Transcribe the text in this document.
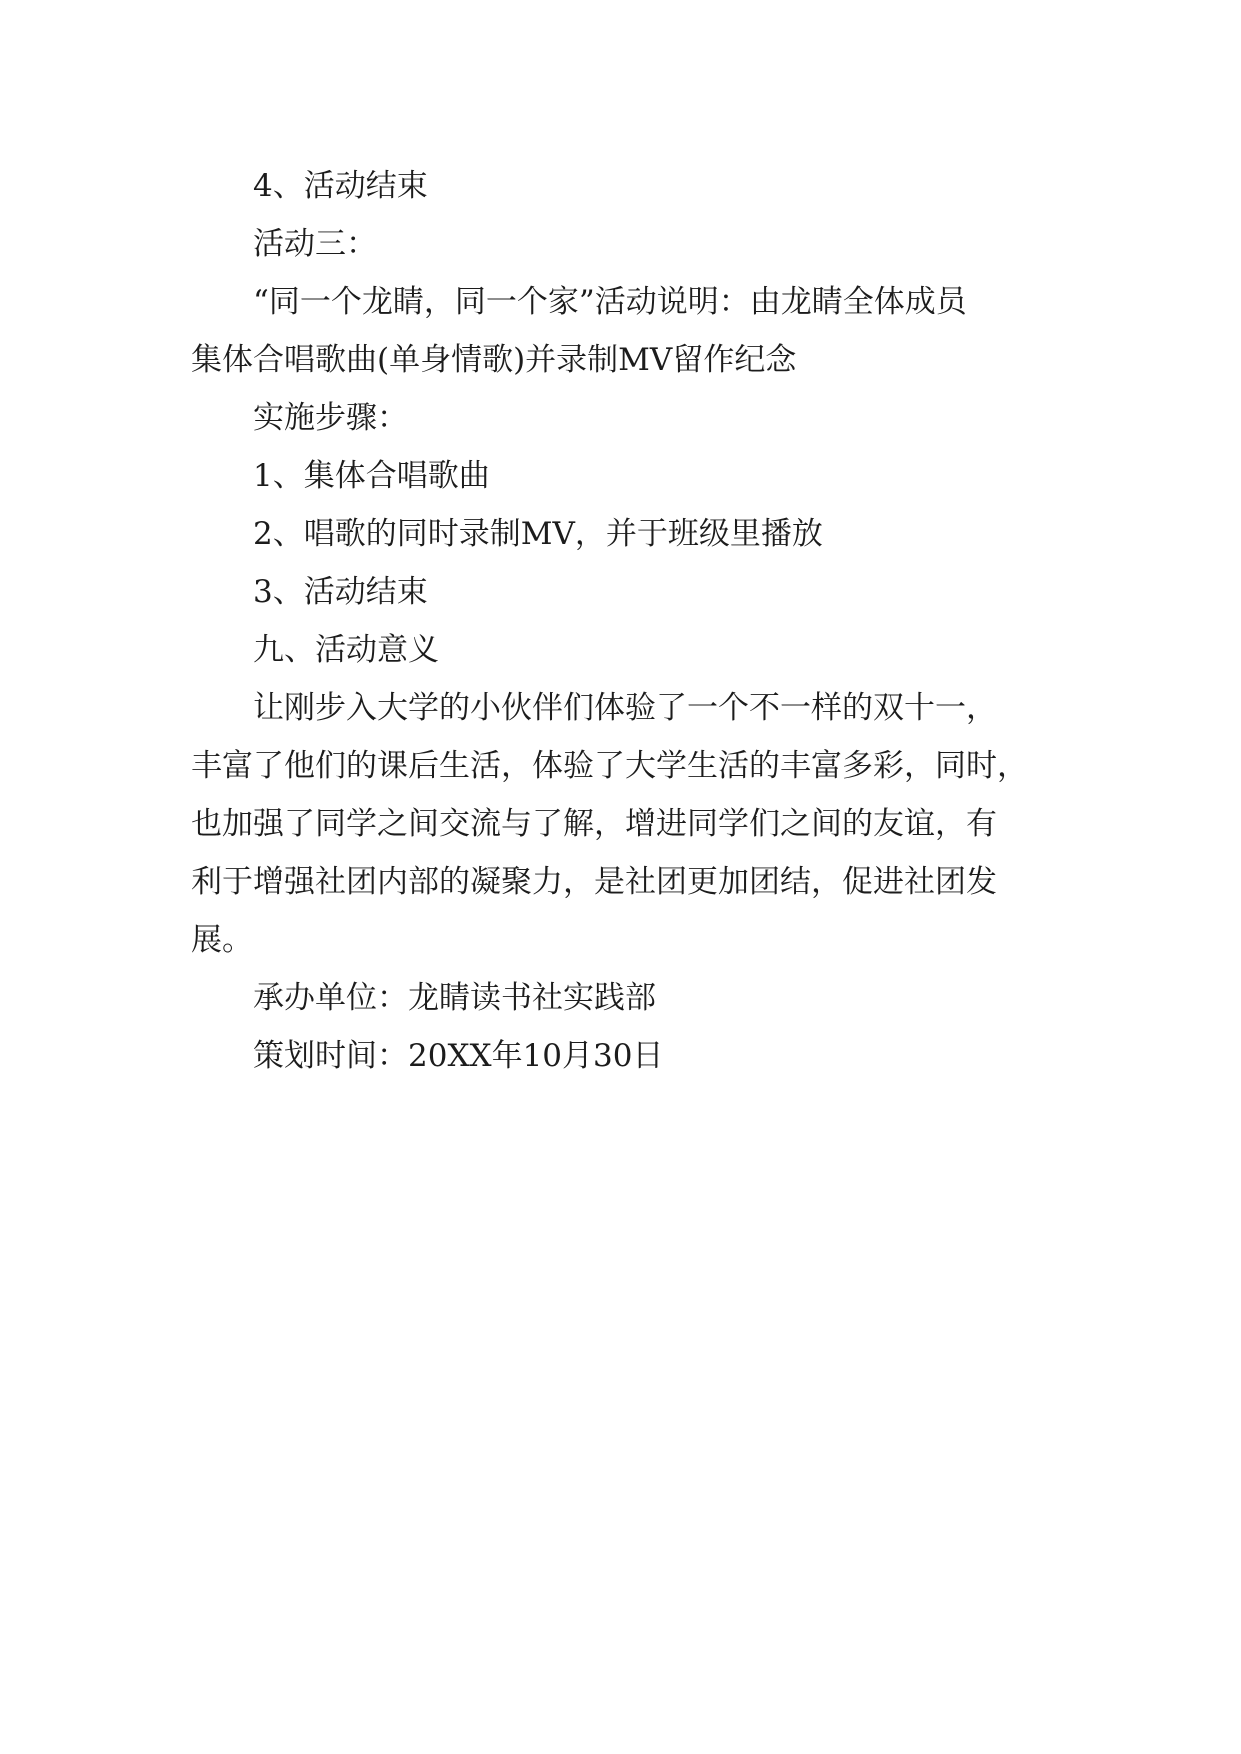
4、活动结束
活动三：
“同一个龙睛，同一个家”活动说明：由龙睛全体成员
集体合唱歌曲(单身情歌)并录制MV留作纪念
实施步骤：
1、集体合唱歌曲
2、唱歌的同时录制MV，并于班级里播放
3、活动结束
九、活动意义
让刚步入大学的小伙伴们体验了一个不一样的双十一，
丰富了他们的课后生活，体验了大学生活的丰富多彩，同时，
也加强了同学之间交流与了解，增进同学们之间的友谊，有
利于增强社团内部的凝聚力，是社团更加团结，促进社团发
展。
承办单位：龙睛读书社实践部
策划时间：20XX年10月30日
